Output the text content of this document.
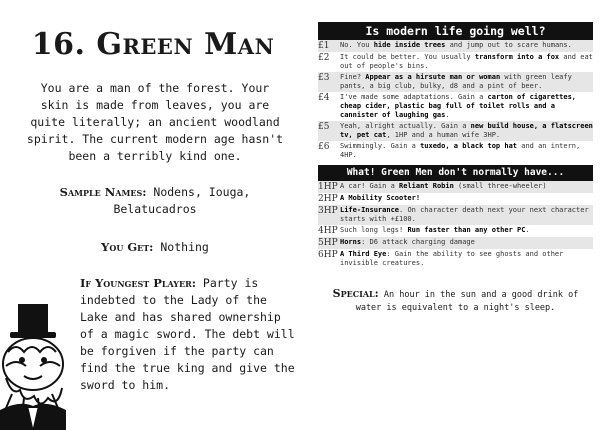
16. Green Man
You are a man of the forest. Your skin is made from leaves, you are quite literally; an ancient woodland spirit. The current modern age hasn't been a terribly kind one.
Sample Names: Nodens, Iouga, Belatucadros
You Get: Nothing
If Youngest Player: Party is indebted to the Lady of the Lake and has shared ownership of a magic sword. The debt will be forgiven if the party can find the true king and give the sword to him.
Is modern life going well?
£1	No. You hide inside trees and jump out to scare humans.
£2	It could be better. You usually transform into a fox and eat out of people's bins.
£3	Fine? Appear as a hirsute man or woman with green leafy pants, a big club, bulky, d8 and a pint of beer.
£4	I've made some adaptations. Gain a carton of cigarettes, cheap cider, plastic bag full of toilet rolls and a cannister of laughing gas.
£5	Yeah, alright actually. Gain a new build house, a flatscreen tv, pet cat, 1HP and a human wife 3HP.
£6	Swimmingly. Gain a tuxedo, a black top hat and an intern, 4HP.
What! Green Men don't normally have...
1HP	A car! Gain a Reliant Robin (small three-wheeler)
2HP	A Mobility Scooter!
3HP	Life-Insurance. On character death next your next character starts with +£100.
4HP	Such long legs! Run faster than any other PC.
5HP	Horns: D6 attack charging damage
6HP	A Third Eye: Gain the ability to see ghosts and other invisible creatures.
Special: An hour in the sun and a good drink of water is equivalent to a night's sleep.
